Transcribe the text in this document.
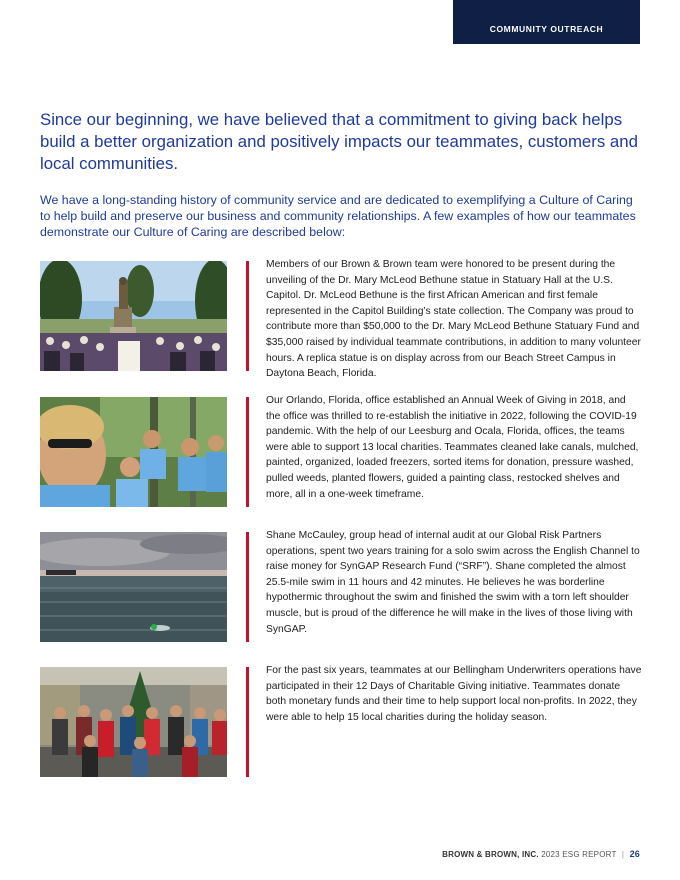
COMMUNITY OUTREACH

Since our beginning, we have believed that a commitment to giving back helps build a better organization and positively impacts our teammates, customers and local communities.

We have a long-standing history of community service and are dedicated to exemplifying a Culture of Caring to help build and preserve our business and community relationships. A few examples of how our teammates demonstrate our Culture of Caring are described below:

Members of our Brown & Brown team were honored to be present during the unveiling of the Dr. Mary McLeod Bethune statue in Statuary Hall at the U.S. Capitol. Dr. McLeod Bethune is the first African American and first female represented in the Capitol Building’s state collection. The Company was proud to contribute more than $50,000 to the Dr. Mary McLeod Bethune Statuary Fund and $35,000 raised by individual teammate contributions, in addition to many volunteer hours. A replica statue is on display across from our Beach Street Campus in Daytona Beach, Florida.

Our Orlando, Florida, office established an Annual Week of Giving in 2018, and the office was thrilled to re-establish the initiative in 2022, following the COVID-19 pandemic. With the help of our Leesburg and Ocala, Florida, offices, the teams were able to support 13 local charities. Teammates cleaned lake canals, mulched, painted, organized, loaded freezers, sorted items for donation, pressure washed, pulled weeds, planted flowers, guided a painting class, restocked shelves and more, all in a one-week timeframe.

Shane McCauley, group head of internal audit at our Global Risk Partners operations, spent two years training for a solo swim across the English Channel to raise money for SynGAP Research Fund (“SRF”). Shane completed the almost 25.5-mile swim in 11 hours and 42 minutes. He believes he was borderline hypothermic throughout the swim and finished the swim with a torn left shoulder muscle, but is proud of the difference he will make in the lives of those living with SynGAP.

For the past six years, teammates at our Bellingham Underwriters operations have participated in their 12 Days of Charitable Giving initiative. Teammates donate both monetary funds and their time to help support local non-profits. In 2022, they were able to help 15 local charities during the holiday season.

BROWN & BROWN, INC. 2023 ESG REPORT | 26
